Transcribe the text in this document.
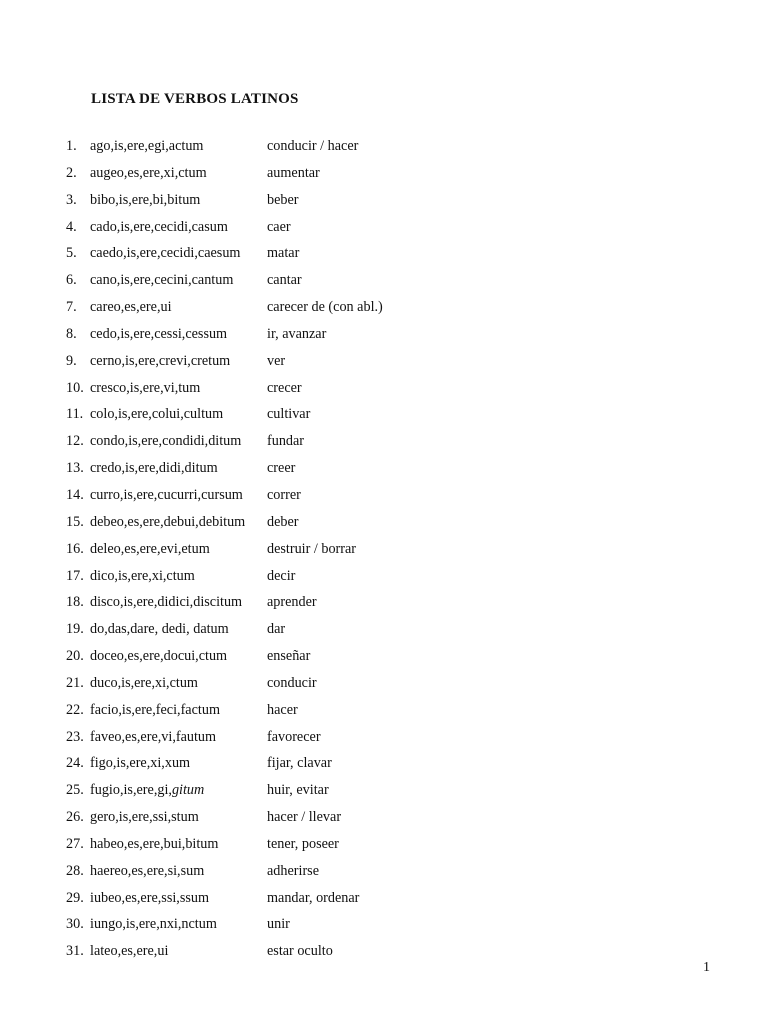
LISTA DE VERBOS LATINOS
1. ago,is,ere,egi,actum	conducir / hacer
2. augeo,es,ere,xi,ctum	aumentar
3. bibo,is,ere,bi,bitum	beber
4. cado,is,ere,cecidi,casum	caer
5. caedo,is,ere,cecidi,caesum matar
6. cano,is,ere,cecini,cantum cantar
7. careo,es,ere,ui	carecer de (con abl.)
8. cedo,is,ere,cessi,cessum	ir, avanzar
9. cerno,is,ere,crevi,cretum	ver
10. cresco,is,ere,vi,tum	crecer
11. colo,is,ere,colui,cultum	cultivar
12. condo,is,ere,condidi,ditum fundar
13. credo,is,ere,didi,ditum	creer
14. curro,is,ere,cucurri,cursum correr
15. debeo,es,ere,debui,debitum deber
16. deleo,es,ere,evi,etum	destruir / borrar
17. dico,is,ere,xi,ctum	decir
18. disco,is,ere,didici,discitum aprender
19. do,das,dare, dedi, datum	dar
20. doceo,es,ere,docui,ctum	enseñar
21. duco,is,ere,xi,ctum	conducir
22. facio,is,ere,feci,factum	hacer
23. faveo,es,ere,vi,fautum	favorecer
24. figo,is,ere,xi,xum	fijar, clavar
25. fugio,is,ere,gi,gitum	huir, evitar
26. gero,is,ere,ssi,stum	hacer / llevar
27. habeo,es,ere,bui,bitum	tener, poseer
28. haereo,es,ere,si,sum	adherirse
29. iubeo,es,ere,ssi,ssum	mandar, ordenar
30. iungo,is,ere,nxi,nctum	unir
31. lateo,es,ere,ui	estar oculto
1
